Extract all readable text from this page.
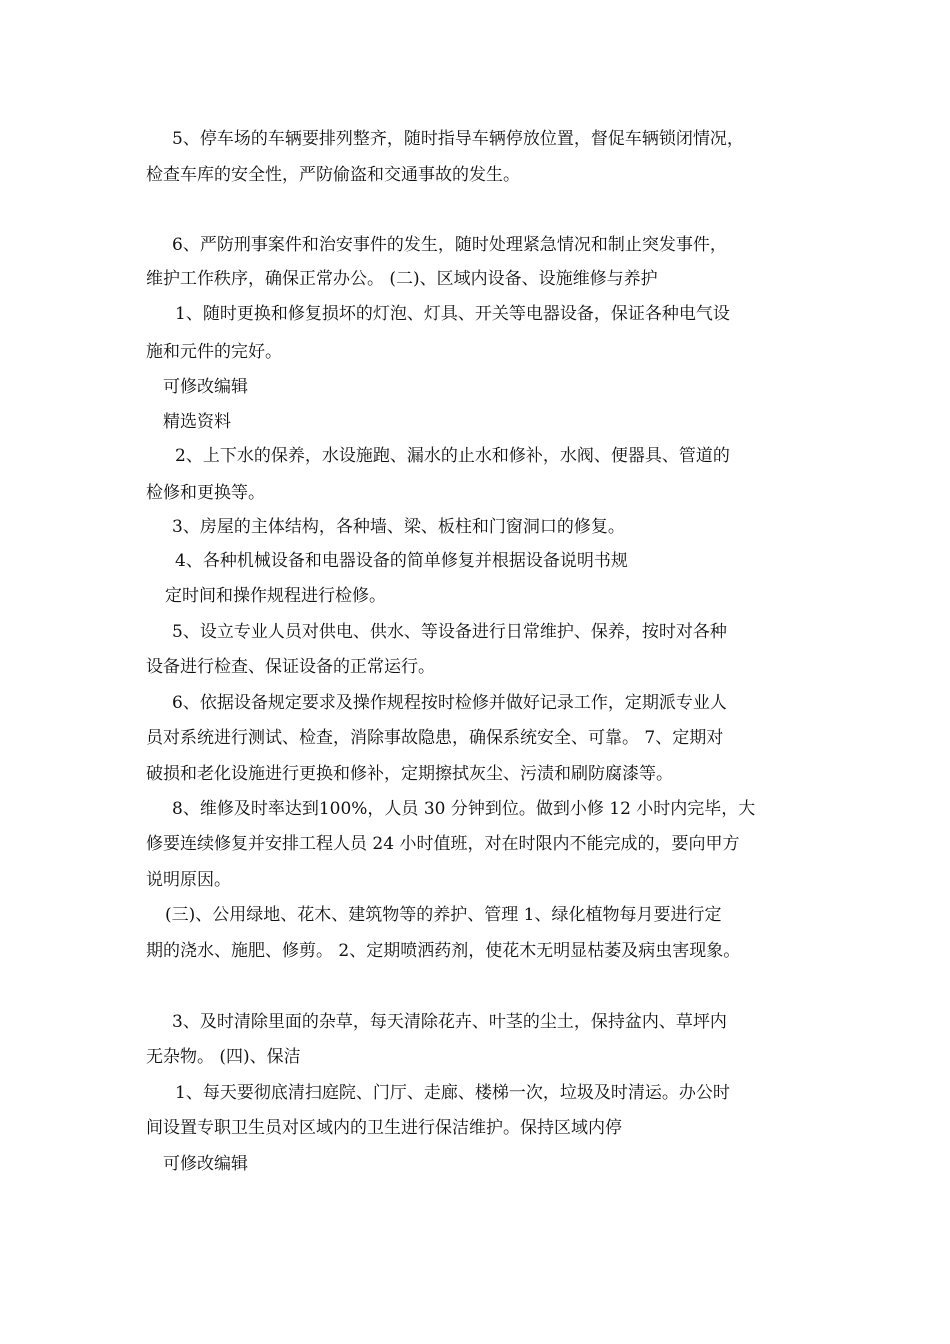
5、停车场的车辆要排列整齐，随时指导车辆停放位置，督促车辆锁闭情况，
检查车库的安全性，严防偷盗和交通事故的发生。
6、严防刑事案件和治安事件的发生，随时处理紧急情况和制止突发事件，
维护工作秩序，确保正常办公。 (二)、区域内设备、设施维修与养护
1、随时更换和修复损坏的灯泡、灯具、开关等电器设备，保证各种电气设
施和元件的完好。
可修改编辑
精选资料
2、上下水的保养，水设施跑、漏水的止水和修补，水阀、便器具、管道的
检修和更换等。
3、房屋的主体结构，各种墙、梁、板柱和门窗洞口的修复。
4、各种机械设备和电器设备的简单修复并根据设备说明书规
定时间和操作规程进行检修。
5、设立专业人员对供电、供水、等设备进行日常维护、保养，按时对各种
设备进行检查、保证设备的正常运行。
6、依据设备规定要求及操作规程按时检修并做好记录工作，定期派专业人
员对系统进行测试、检查，消除事故隐患，确保系统安全、可靠。 7、定期对
破损和老化设施进行更换和修补，定期擦拭灰尘、污渍和刷防腐漆等。
8、维修及时率达到100%，人员 30 分钟到位。做到小修 12 小时内完毕，大
修要连续修复并安排工程人员 24 小时值班，对在时限内不能完成的，要向甲方
说明原因。
(三)、公用绿地、花木、建筑物等的养护、管理 1、绿化植物每月要进行定
期的浇水、施肥、修剪。 2、定期喷洒药剂，使花木无明显枯萎及病虫害现象。
3、及时清除里面的杂草，每天清除花卉、叶茎的尘土，保持盆内、草坪内
无杂物。 (四)、保洁
1、每天要彻底清扫庭院、门厅、走廊、楼梯一次，垃圾及时清运。办公时
间设置专职卫生员对区域内的卫生进行保洁维护。保持区域内停
可修改编辑
